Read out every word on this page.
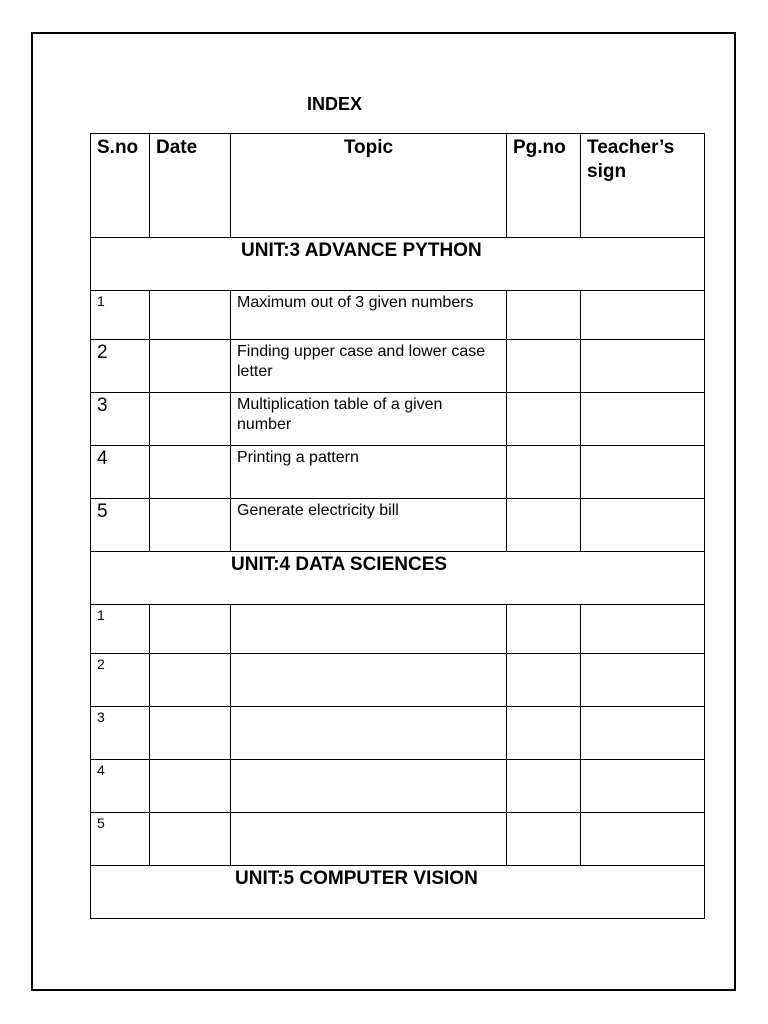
INDEX
S.no	Date	Topic	Pg.no	Teacher’s sign
UNIT:3 ADVANCE PYTHON				
1		Maximum out of 3 given numbers		
2		Finding upper case and lower case letter		
3		Multiplication table of a given number		
4		Printing a pattern		
5		Generate electricity bill		
UNIT:4 DATA SCIENCES				
1				
2				
3				
4				
5				
UNIT:5 COMPUTER VISION				
